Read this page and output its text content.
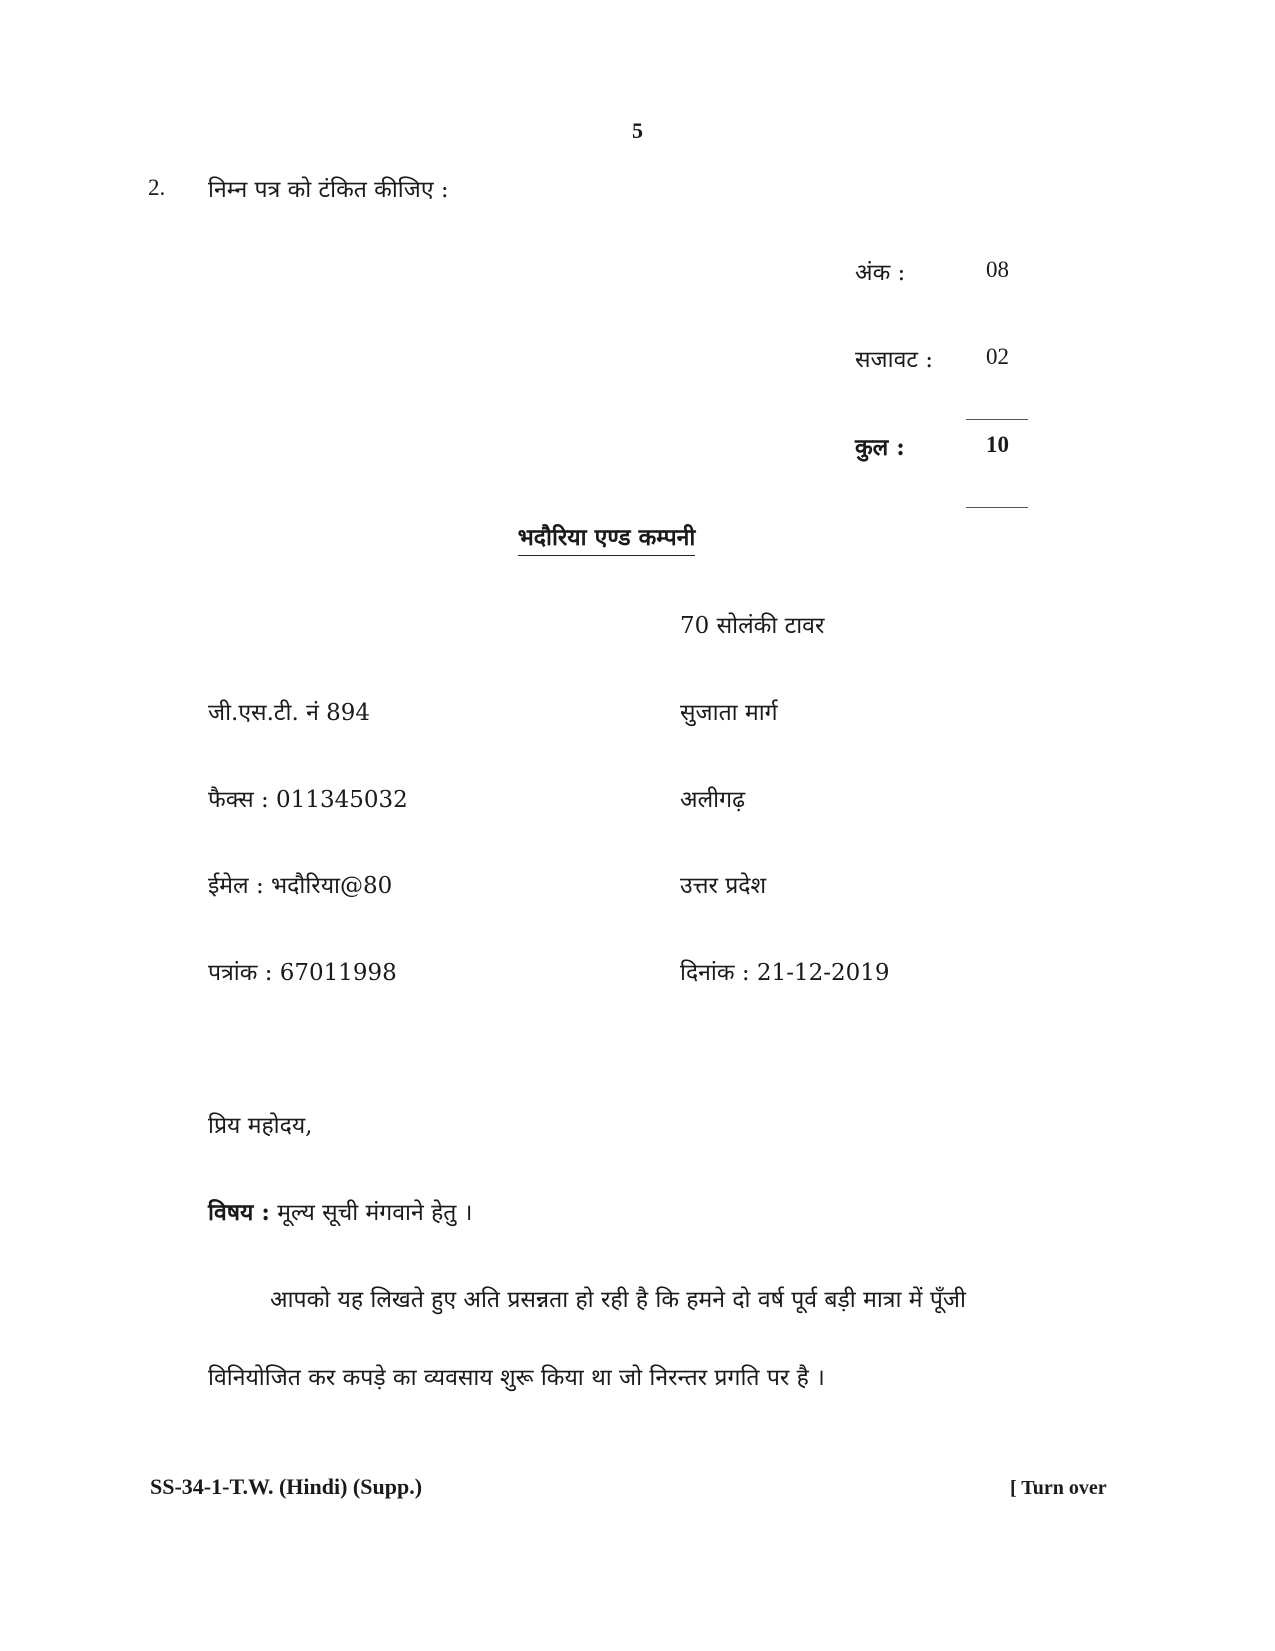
5
2. निम्न पत्र को टंकित कीजिए :
अंक :	08
सजावट : 02
कुल :	10
भदौरिया एण्ड कम्पनी
70 सोलंकी टावर
जी.एस.टी. नं 894	सुजाता मार्ग
फैक्स : 011345032	अलीगढ़
ईमेल : भदौरिया@80	उत्तर प्रदेश
पत्रांक : 67011998	दिनांक : 21-12-2019
प्रिय महोदय,
विषय : मूल्य सूची मंगवाने हेतु ।
आपको यह लिखते हुए अति प्रसन्नता हो रही है कि हमने दो वर्ष पूर्व बड़ी मात्रा में पूँजी
विनियोजित कर कपड़े का व्यवसाय शुरू किया था जो निरन्तर प्रगति पर है ।
SS-34-1-T.W. (Hindi) (Supp.)	[ Turn over
